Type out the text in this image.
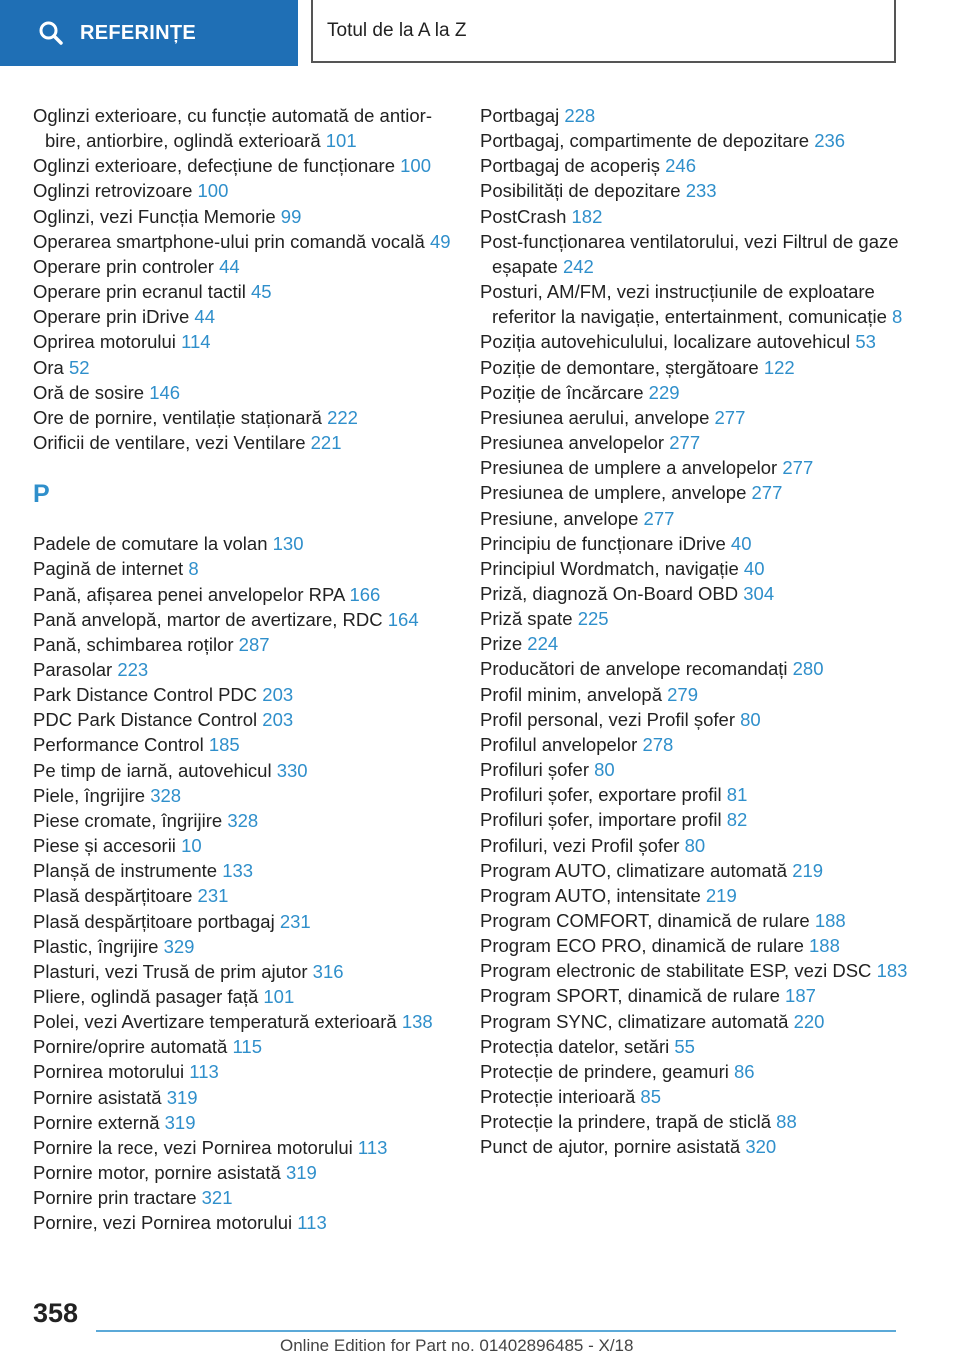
REFERINȚE	Totul de la A la Z
Oglinzi exterioare, cu funcție automată de antiorbire, antiorbire, oglindă exterioară 101
Oglinzi exterioare, defecțiune de funcționare 100
Oglinzi retrovizoare 100
Oglinzi, vezi Funcția Memorie 99
Operarea smartphone-ului prin comandă vocală 49
Operare prin controler 44
Operare prin ecranul tactil 45
Operare prin iDrive 44
Oprirea motorului 114
Ora 52
Oră de sosire 146
Ore de pornire, ventilație staționară 222
Orificii de ventilare, vezi Ventilare 221
P
Padele de comutare la volan 130
Pagină de internet 8
Pană, afișarea penei anvelopelor RPA 166
Pană anvelopă, martor de avertizare, RDC 164
Pană, schimbarea roților 287
Parasolar 223
Park Distance Control PDC 203
PDC Park Distance Control 203
Performance Control 185
Pe timp de iarnă, autovehicul 330
Piele, îngrijire 328
Piese cromate, îngrijire 328
Piese și accesorii 10
Planșă de instrumente 133
Plasă despărțitoare 231
Plasă despărțitoare portbagaj 231
Plastic, îngrijire 329
Plasturi, vezi Trusă de prim ajutor 316
Pliere, oglindă pasager față 101
Polei, vezi Avertizare temperatură exterioară 138
Pornire/oprire automată 115
Pornirea motorului 113
Pornire asistată 319
Pornire externă 319
Pornire la rece, vezi Pornirea motorului 113
Pornire motor, pornire asistată 319
Pornire prin tractare 321
Pornire, vezi Pornirea motorului 113
Portbagaj 228
Portbagaj, compartimente de depozitare 236
Portbagaj de acoperiș 246
Posibilități de depozitare 233
PostCrash 182
Post-funcționarea ventilatorului, vezi Filtrul de gaze eșapate 242
Posturi, AM/FM, vezi instrucțiunile de exploatare referitor la navigație, entertainment, comunicație 8
Poziția autovehiculului, localizare autovehicul 53
Poziție de demontare, ștergătoare 122
Poziție de încărcare 229
Presiunea aerului, anvelope 277
Presiunea anvelopelor 277
Presiunea de umplere a anvelopelor 277
Presiunea de umplere, anvelope 277
Presiune, anvelope 277
Principiu de funcționare iDrive 40
Principiul Wordmatch, navigație 40
Priză, diagnoză On-Board OBD 304
Priză spate 225
Prize 224
Producători de anvelope recomandați 280
Profil minim, anvelopă 279
Profil personal, vezi Profil șofer 80
Profilul anvelopelor 278
Profiluri șofer 80
Profiluri șofer, exportare profil 81
Profiluri șofer, importare profil 82
Profiluri, vezi Profil șofer 80
Program AUTO, climatizare automată 219
Program AUTO, intensitate 219
Program COMFORT, dinamică de rulare 188
Program ECO PRO, dinamică de rulare 188
Program electronic de stabilitate ESP, vezi DSC 183
Program SPORT, dinamică de rulare 187
Program SYNC, climatizare automată 220
Protecția datelor, setări 55
Protecție de prindere, geamuri 86
Protecție interioară 85
Protecție la prindere, trapă de sticlă 88
Punct de ajutor, pornire asistată 320
358
Online Edition for Part no. 01402896485 - X/18
